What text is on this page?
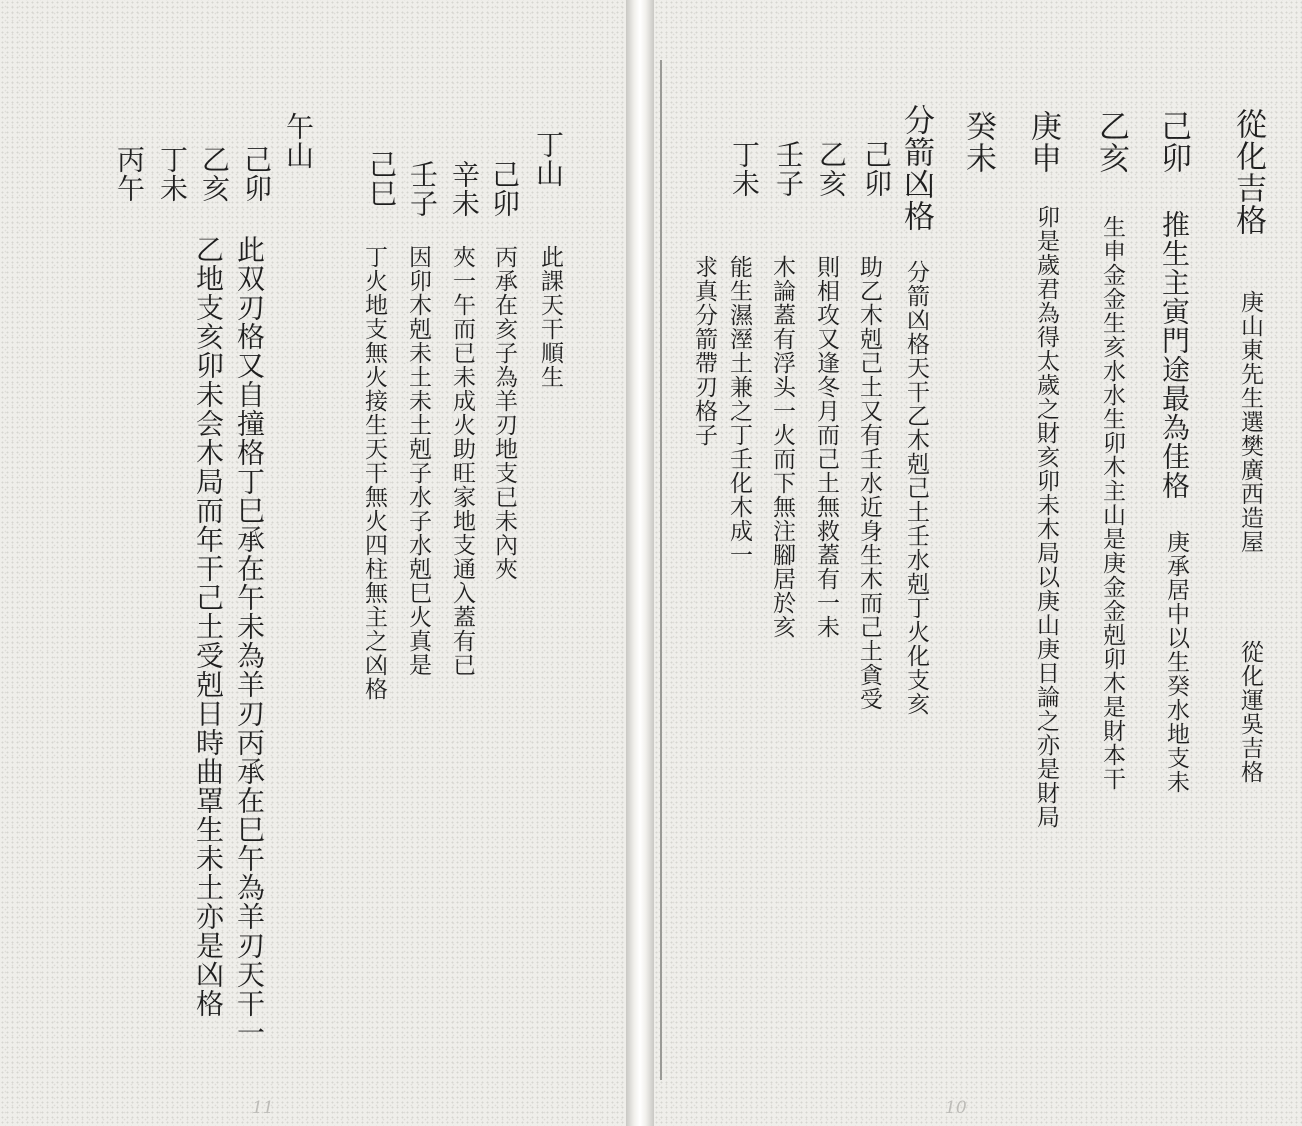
從化吉格
庚山東先生選樊廣西造屋
從化運吳吉格
己卯
推生主寅門途最為佳格
庚承居中以生癸水地支未
乙亥
生申金金生亥水水生卯木主山是庚金金剋卯木是財本干
庚申
卯是歲君為得太歲之財亥卯未木局以庚山庚日論之亦是財局
癸未
分箭凶格
分箭凶格天干乙木剋己土壬水剋丁火化支亥
己卯
助乙木剋己土又有壬水近身生木而己土貪受
乙亥
則相攻又逢冬月而己土無救蓋有一未
壬子
木論蓋有浮头一火而下無注腳居於亥
丁未
能生濕溼土兼之丁壬化木成一
求真分箭帶刃格子
10
丁山
此課天干順生
己卯
丙承在亥子為羊刃地支已未內夾
辛未
夾一午而已未成火助旺家地支通入蓋有已
壬子
因卯木剋未土未土剋子水子水剋巳火真是
己巳
丁火地支無火接生天干無火四柱無主之凶格
午山
己卯
此双刃格又自撞格丁巳承在午未為羊刃丙承在巳午為羊刃天干一
乙亥
乙地支亥卯未会木局而年干己土受剋日時曲罩生未土亦是凶格
丁未
丙午
11
